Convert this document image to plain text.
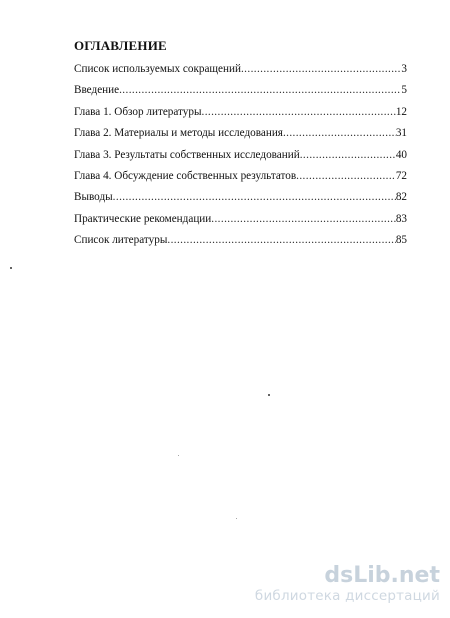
ОГЛАВЛЕНИЕ
Список используемых сокращений .....	3
Введение .....	5
Глава 1. Обзор литературы .....	12
Глава 2. Материалы и методы исследования .....	31
Глава 3. Результаты собственных исследований .....	40
Глава 4. Обсуждение собственных результатов .....	72
Выводы .....	82
Практические рекомендации .....	83
Список литературы .....	85
dsLib.net
библиотека диссертаций
